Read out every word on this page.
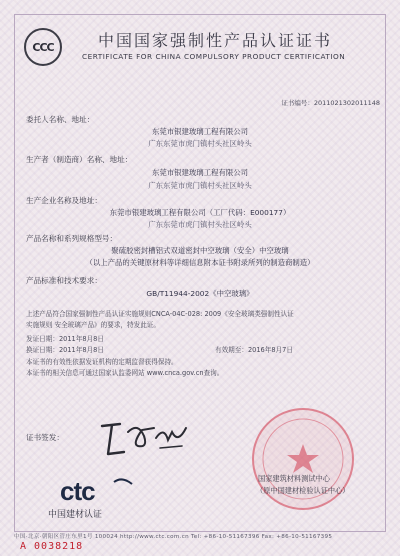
CCC	中国国家强制性产品认证证书
CERTIFICATE FOR CHINA COMPULSORY PRODUCT CERTIFICATION
证书编号：2011021302011148
委托人名称、地址：
东莞市银建玻璃工程有限公司
广东东莞市虎门镇村头社区岭头
生产者（制造商）名称、地址：
东莞市银建玻璃工程有限公司
广东东莞市虎门镇村头社区岭头
生产企业名称及地址：
东莞市银建玻璃工程有限公司（工厂代码：E000177）
广东东莞市虎门镇村头社区岭头
产品名称和系列规格型号：
聚硫胶密封槽铝式双道密封中空玻璃（安全）中空玻璃
（以上产品的关键原材料等详细信息附本证书附录所列的制造商制造）
产品标准和技术要求：
GB/T11944-2002《中空玻璃》
上述产品符合国家强制性产品认证实施规则CNCA-04C-028: 2009《安全玻璃类强制性认证
实施规则 安全玻璃产品》的要求，特发此证。
发证日期：2011年8月8日
换证日期：2011年8月8日	有效期至：2016年8月7日
本证书的有效性依据发证机构的定期监督获得保持。
本证书的相关信息可通过国家认监委网站 www.cnca.gov.cn查询。
证书签发：
ctc
中国建材认证
国家建筑材料测试中心
（原中国建材检验认证中心）
中国·北京·朝阳区管庄东里1号 100024 http://www.ctc.com.cn Tel: +86-10-51167396 Fax: +86-10-51167395
A 0038218
